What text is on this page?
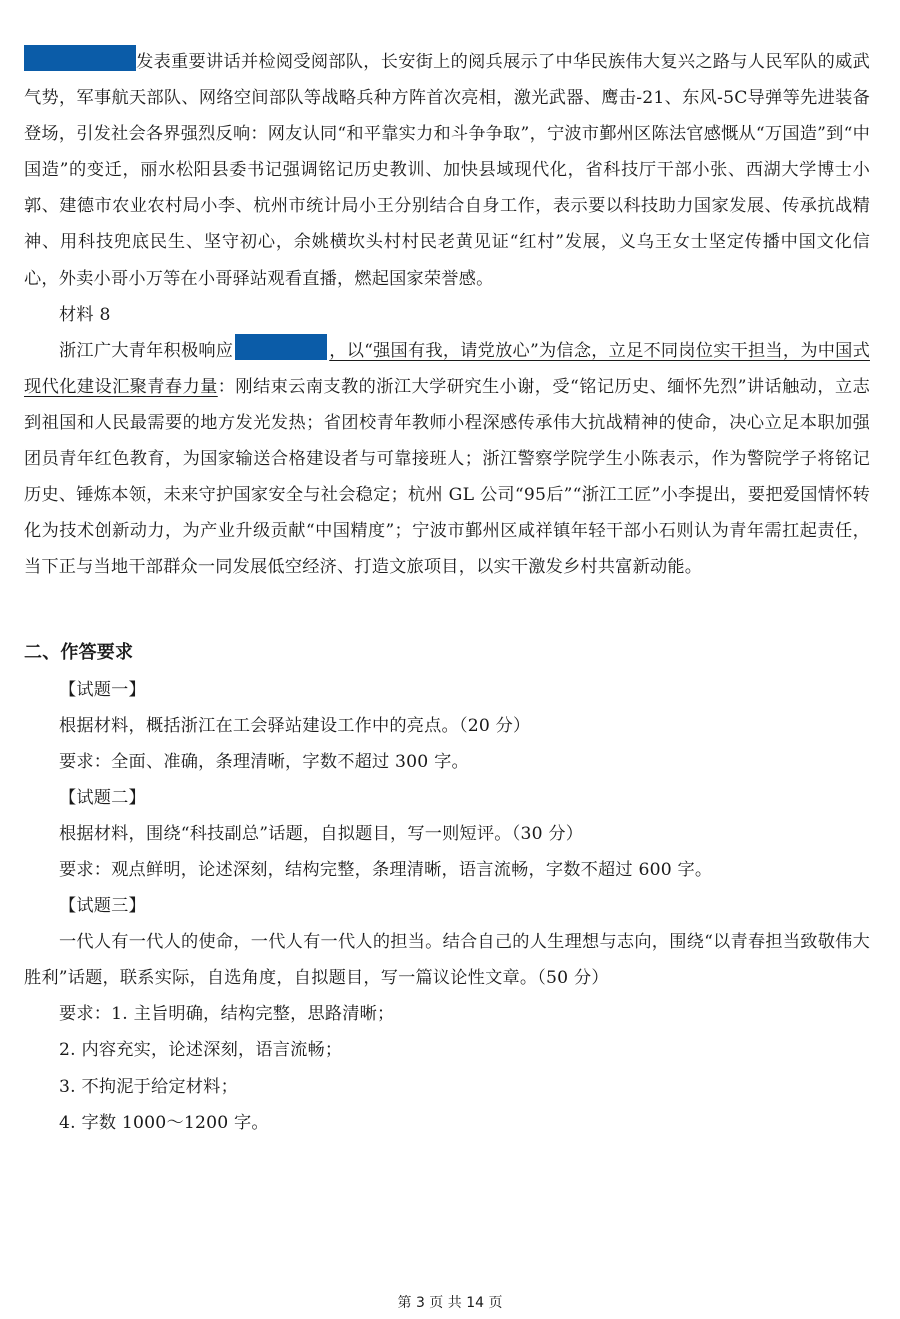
发表重要讲话并检阅受阅部队，长安街上的阅兵展示了中华民族伟大复兴之路与人民军队的威武气势，军事航天部队、网络空间部队等战略兵种方阵首次亮相，激光武器、鹰击-21、东风-5C导弹等先进装备登场，引发社会各界强烈反响：网友认同“和平靠实力和斗争争取”，宁波市鄞州区陈法官感慨从“万国造”到“中国造”的变迁，丽水松阳县委书记强调铭记历史教训、加快县域现代化，省科技厅干部小张、西湖大学博士小郭、建德市农业农村局小李、杭州市统计局小王分别结合自身工作，表示要以科技助力国家发展、传承抗战精神、用科技兜底民生、坚守初心，余姚横坎头村村民老黄见证“红村”发展，义乌王女士坚定传播中国文化信心，外卖小哥小万等在小哥驿站观看直播，燃起国家荣誉感。

材料 8

浙江广大青年积极响应	，以“强国有我，请党放心”为信念，立足不同岗位实干担当，为中国式现代化建设汇聚青春力量：刚结束云南支教的浙江大学研究生小谢，受“铭记历史、缅怀先烈”讲话触动，立志到祖国和人民最需要的地方发光发热；省团校青年教师小程深感传承伟大抗战精神的使命，决心立足本职加强团员青年红色教育，为国家输送合格建设者与可靠接班人；浙江警察学院学生小陈表示，作为警院学子将铭记历史、锤炼本领，未来守护国家安全与社会稳定；杭州 GL 公司“95后”“浙江工匠”小李提出，要把爱国情怀转化为技术创新动力，为产业升级贡献“中国精度”；宁波市鄞州区咸祥镇年轻干部小石则认为青年需扛起责任，当下正与当地干部群众一同发展低空经济、打造文旅项目，以实干激发乡村共富新动能。

二、作答要求

【试题一】

根据材料，概括浙江在工会驿站建设工作中的亮点。（20 分）

要求：全面、准确，条理清晰，字数不超过 300 字。

【试题二】

根据材料，围绕“科技副总”话题，自拟题目，写一则短评。（30 分）

要求：观点鲜明，论述深刻，结构完整，条理清晰，语言流畅，字数不超过 600 字。

【试题三】

一代人有一代人的使命，一代人有一代人的担当。结合自己的人生理想与志向，围绕“以青春担当致敬伟大胜利”话题，联系实际，自选角度，自拟题目，写一篇议论性文章。（50 分）

要求：1. 主旨明确，结构完整，思路清晰；

2. 内容充实，论述深刻，语言流畅；

3. 不拘泥于给定材料；

4. 字数 1000～1200 字。

第 3 页 共 14 页
